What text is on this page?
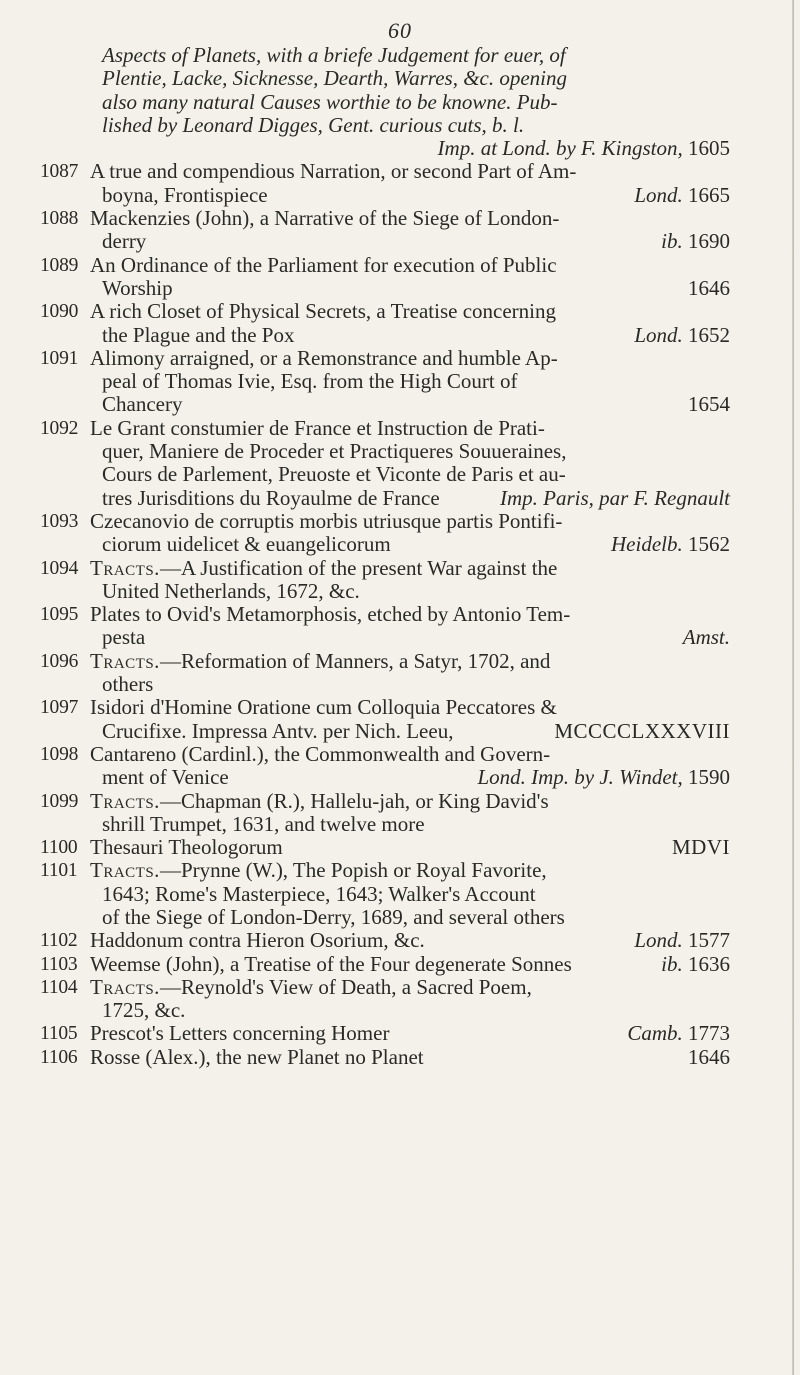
60
Aspects of Planets, with a briefe Judgement for euer, of
Plentie, Lacke, Sicknesse, Dearth, Warres, &c. opening
also many natural Causes worthie to be knowne. Pub-
lished by Leonard Digges, Gent. curious cuts, b. l.
Imp. at Lond. by F. Kingston, 1605
1087 A true and compendious Narration, or second Part of Am-
boyna, Frontispiece	Lond. 1665
1088 Mackenzies (John), a Narrative of the Siege of London-
derry	ib. 1690
1089 An Ordinance of the Parliament for execution of Public
Worship	1646
1090 A rich Closet of Physical Secrets, a Treatise concerning
the Plague and the Pox	Lond. 1652
1091 Alimony arraigned, or a Remonstrance and humble Ap-
peal of Thomas Ivie, Esq. from the High Court of
Chancery	1654
1092 Le Grant constumier de France et Instruction de Prati-
quer, Maniere de Proceder et Practiqueres Souueraines,
Cours de Parlement, Preuoste et Viconte de Paris et au-
tres Jurisditions du Royaulme de France	Imp. Paris, par F. Regnault
1093 Czecanovio de corruptis morbis utriusque partis Pontifi-
ciorum uidelicet & euangelicorum	Heidelb. 1562
1094 Tracts.—A Justification of the present War against the
United Netherlands, 1672, &c.
1095 Plates to Ovid's Metamorphosis, etched by Antonio Tem-
pesta	Amst.
1096 Tracts.—Reformation of Manners, a Satyr, 1702, and
others
1097 Isidori d'Homine Oratione cum Colloquia Peccatores &
Crucifixe. Impressa Antv. per Nich. Leeu,	MCCCCLXXXVIII
1098 Cantareno (Cardinl.), the Commonwealth and Govern-
ment of Venice	Lond. Imp. by J. Windet, 1590
1099 Tracts.—Chapman (R.), Hallelu-jah, or King David's
shrill Trumpet, 1631, and twelve more
1100 Thesauri Theologorum	MDVI
1101 Tracts.—Prynne (W.), The Popish or Royal Favorite,
1643; Rome's Masterpiece, 1643; Walker's Account
of the Siege of London-Derry, 1689, and several others
1102 Haddonum contra Hieron Osorium, &c.	Lond. 1577
1103 Weemse (John), a Treatise of the Four degenerate Sonnes	ib. 1636
1104 Tracts.—Reynold's View of Death, a Sacred Poem,
1725, &c.
1105 Prescot's Letters concerning Homer	Camb. 1773
1106 Rosse (Alex.), the new Planet no Planet	1646
